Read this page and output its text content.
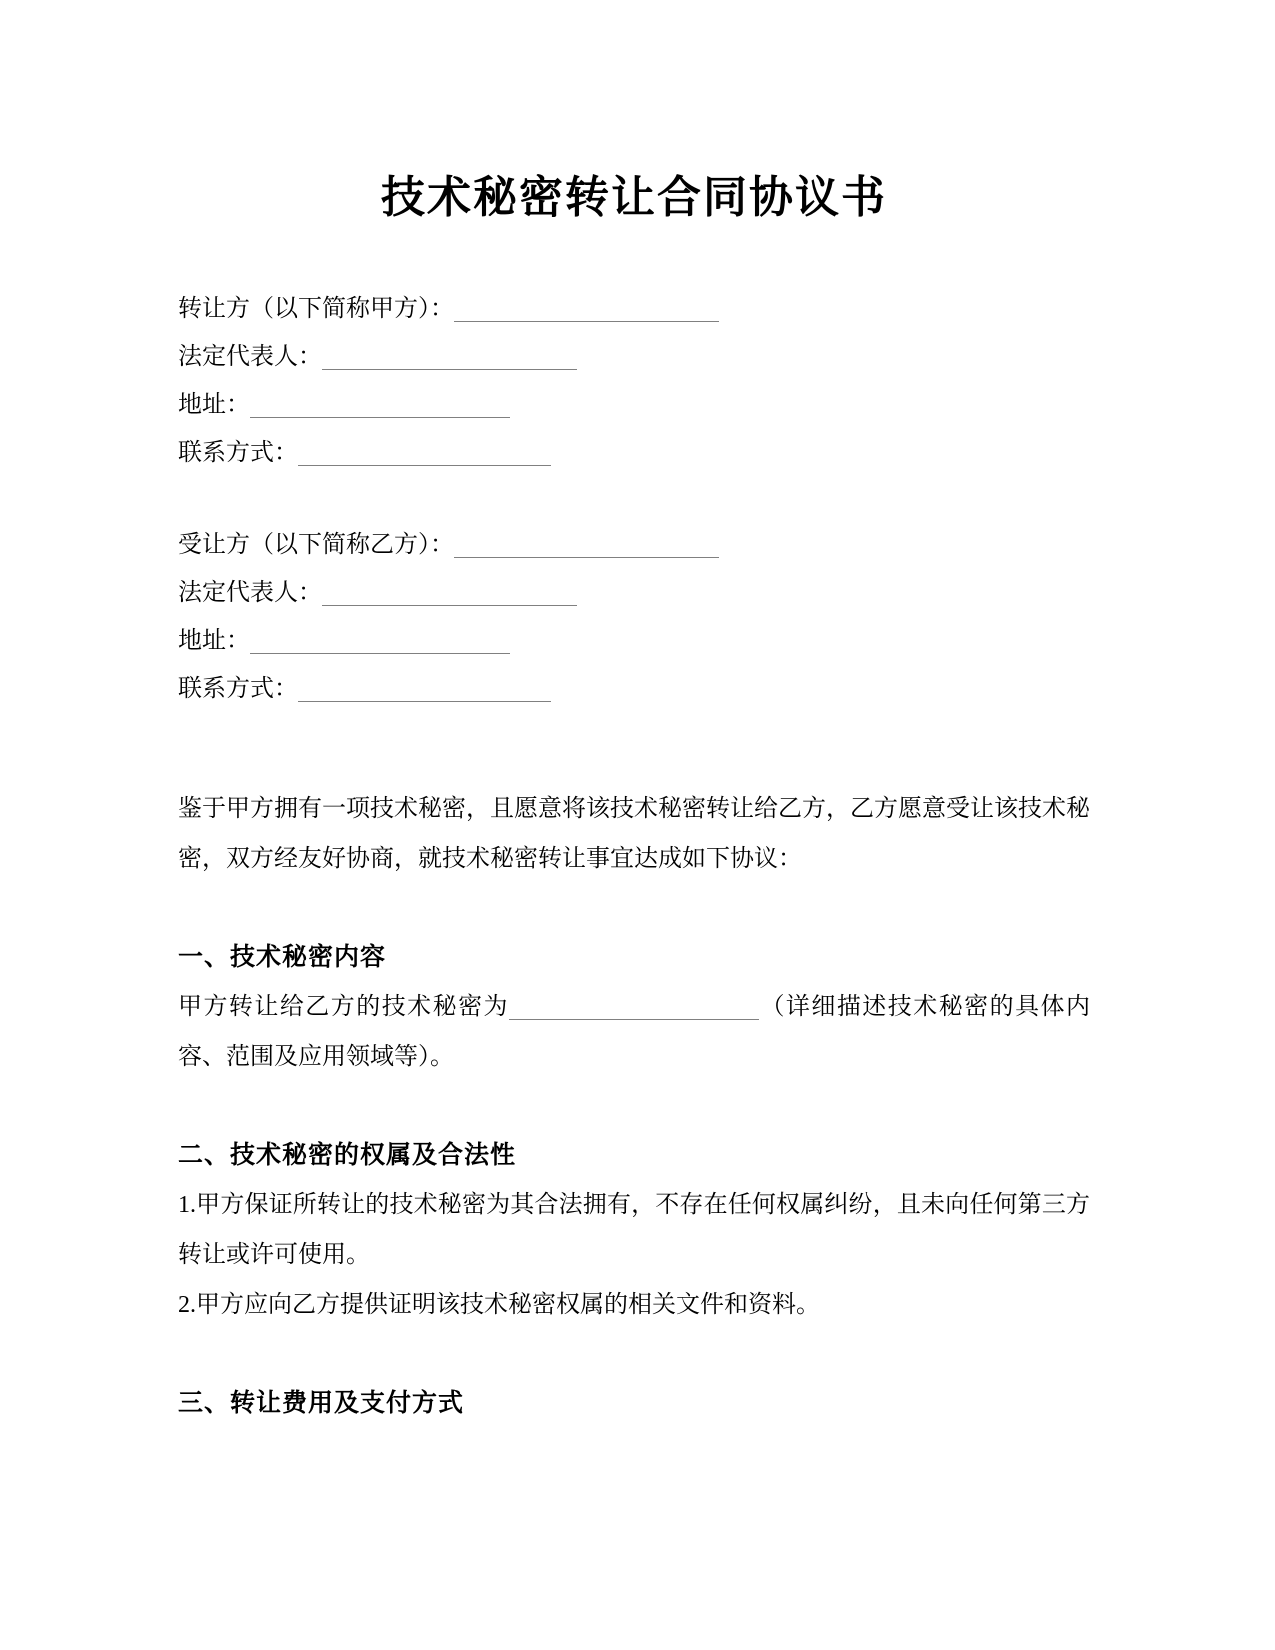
技术秘密转让合同协议书
转让方（以下简称甲方）：
法定代表人：
地址：
联系方式：
受让方（以下简称乙方）：
法定代表人：
地址：
联系方式：

鉴于甲方拥有一项技术秘密，且愿意将该技术秘密转让给乙方，乙方愿意受让该技术秘密，双方经友好协商，就技术秘密转让事宜达成如下协议：

一、技术秘密内容

甲方转让给乙方的技术秘密为	（详细描述技术秘密的具体内容、范围及应用领域等）。

二、技术秘密的权属及合法性

1.甲方保证所转让的技术秘密为其合法拥有，不存在任何权属纠纷，且未向任何第三方转让或许可使用。

2.甲方应向乙方提供证明该技术秘密权属的相关文件和资料。

三、转让费用及支付方式
